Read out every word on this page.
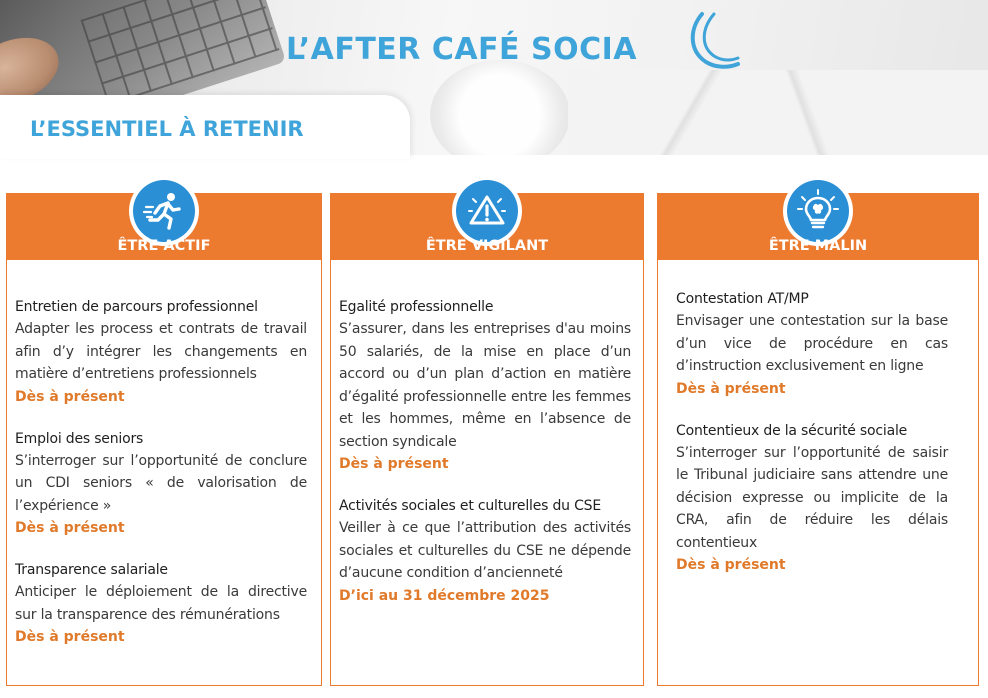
L’AFTER CAFÉ SOCIA
L’ESSENTIEL À RETENIR
ÊTRE ACTIF
Entretien de parcours professionnel
Adapter les process et contrats de travail afin d’y intégrer les changements en matière d’entretiens professionnels
Dès à présent
Emploi des seniors
S’interroger sur l’opportunité de conclure un CDI seniors « de valorisation de l’expérience »
Dès à présent
Transparence salariale
Anticiper le déploiement de la directive sur la transparence des rémunérations
Dès à présent
ÊTRE VIGILANT
Egalité professionnelle
S’assurer, dans les entreprises d'au moins 50 salariés, de la mise en place d’un accord ou d’un plan d’action en matière d’égalité professionnelle entre les femmes et les hommes, même en l’absence de section syndicale
Dès à présent
Activités sociales et culturelles du CSE
Veiller à ce que l’attribution des activités sociales et culturelles du CSE ne dépende d’aucune condition d’ancienneté
D’ici au 31 décembre 2025
ÊTRE MALIN
Contestation AT/MP
Envisager une contestation sur la base d’un vice de procédure en cas d’instruction exclusivement en ligne
Dès à présent
Contentieux de la sécurité sociale
S’interroger sur l’opportunité de saisir le Tribunal judiciaire sans attendre une décision expresse ou implicite de la CRA, afin de réduire les délais contentieux
Dès à présent
